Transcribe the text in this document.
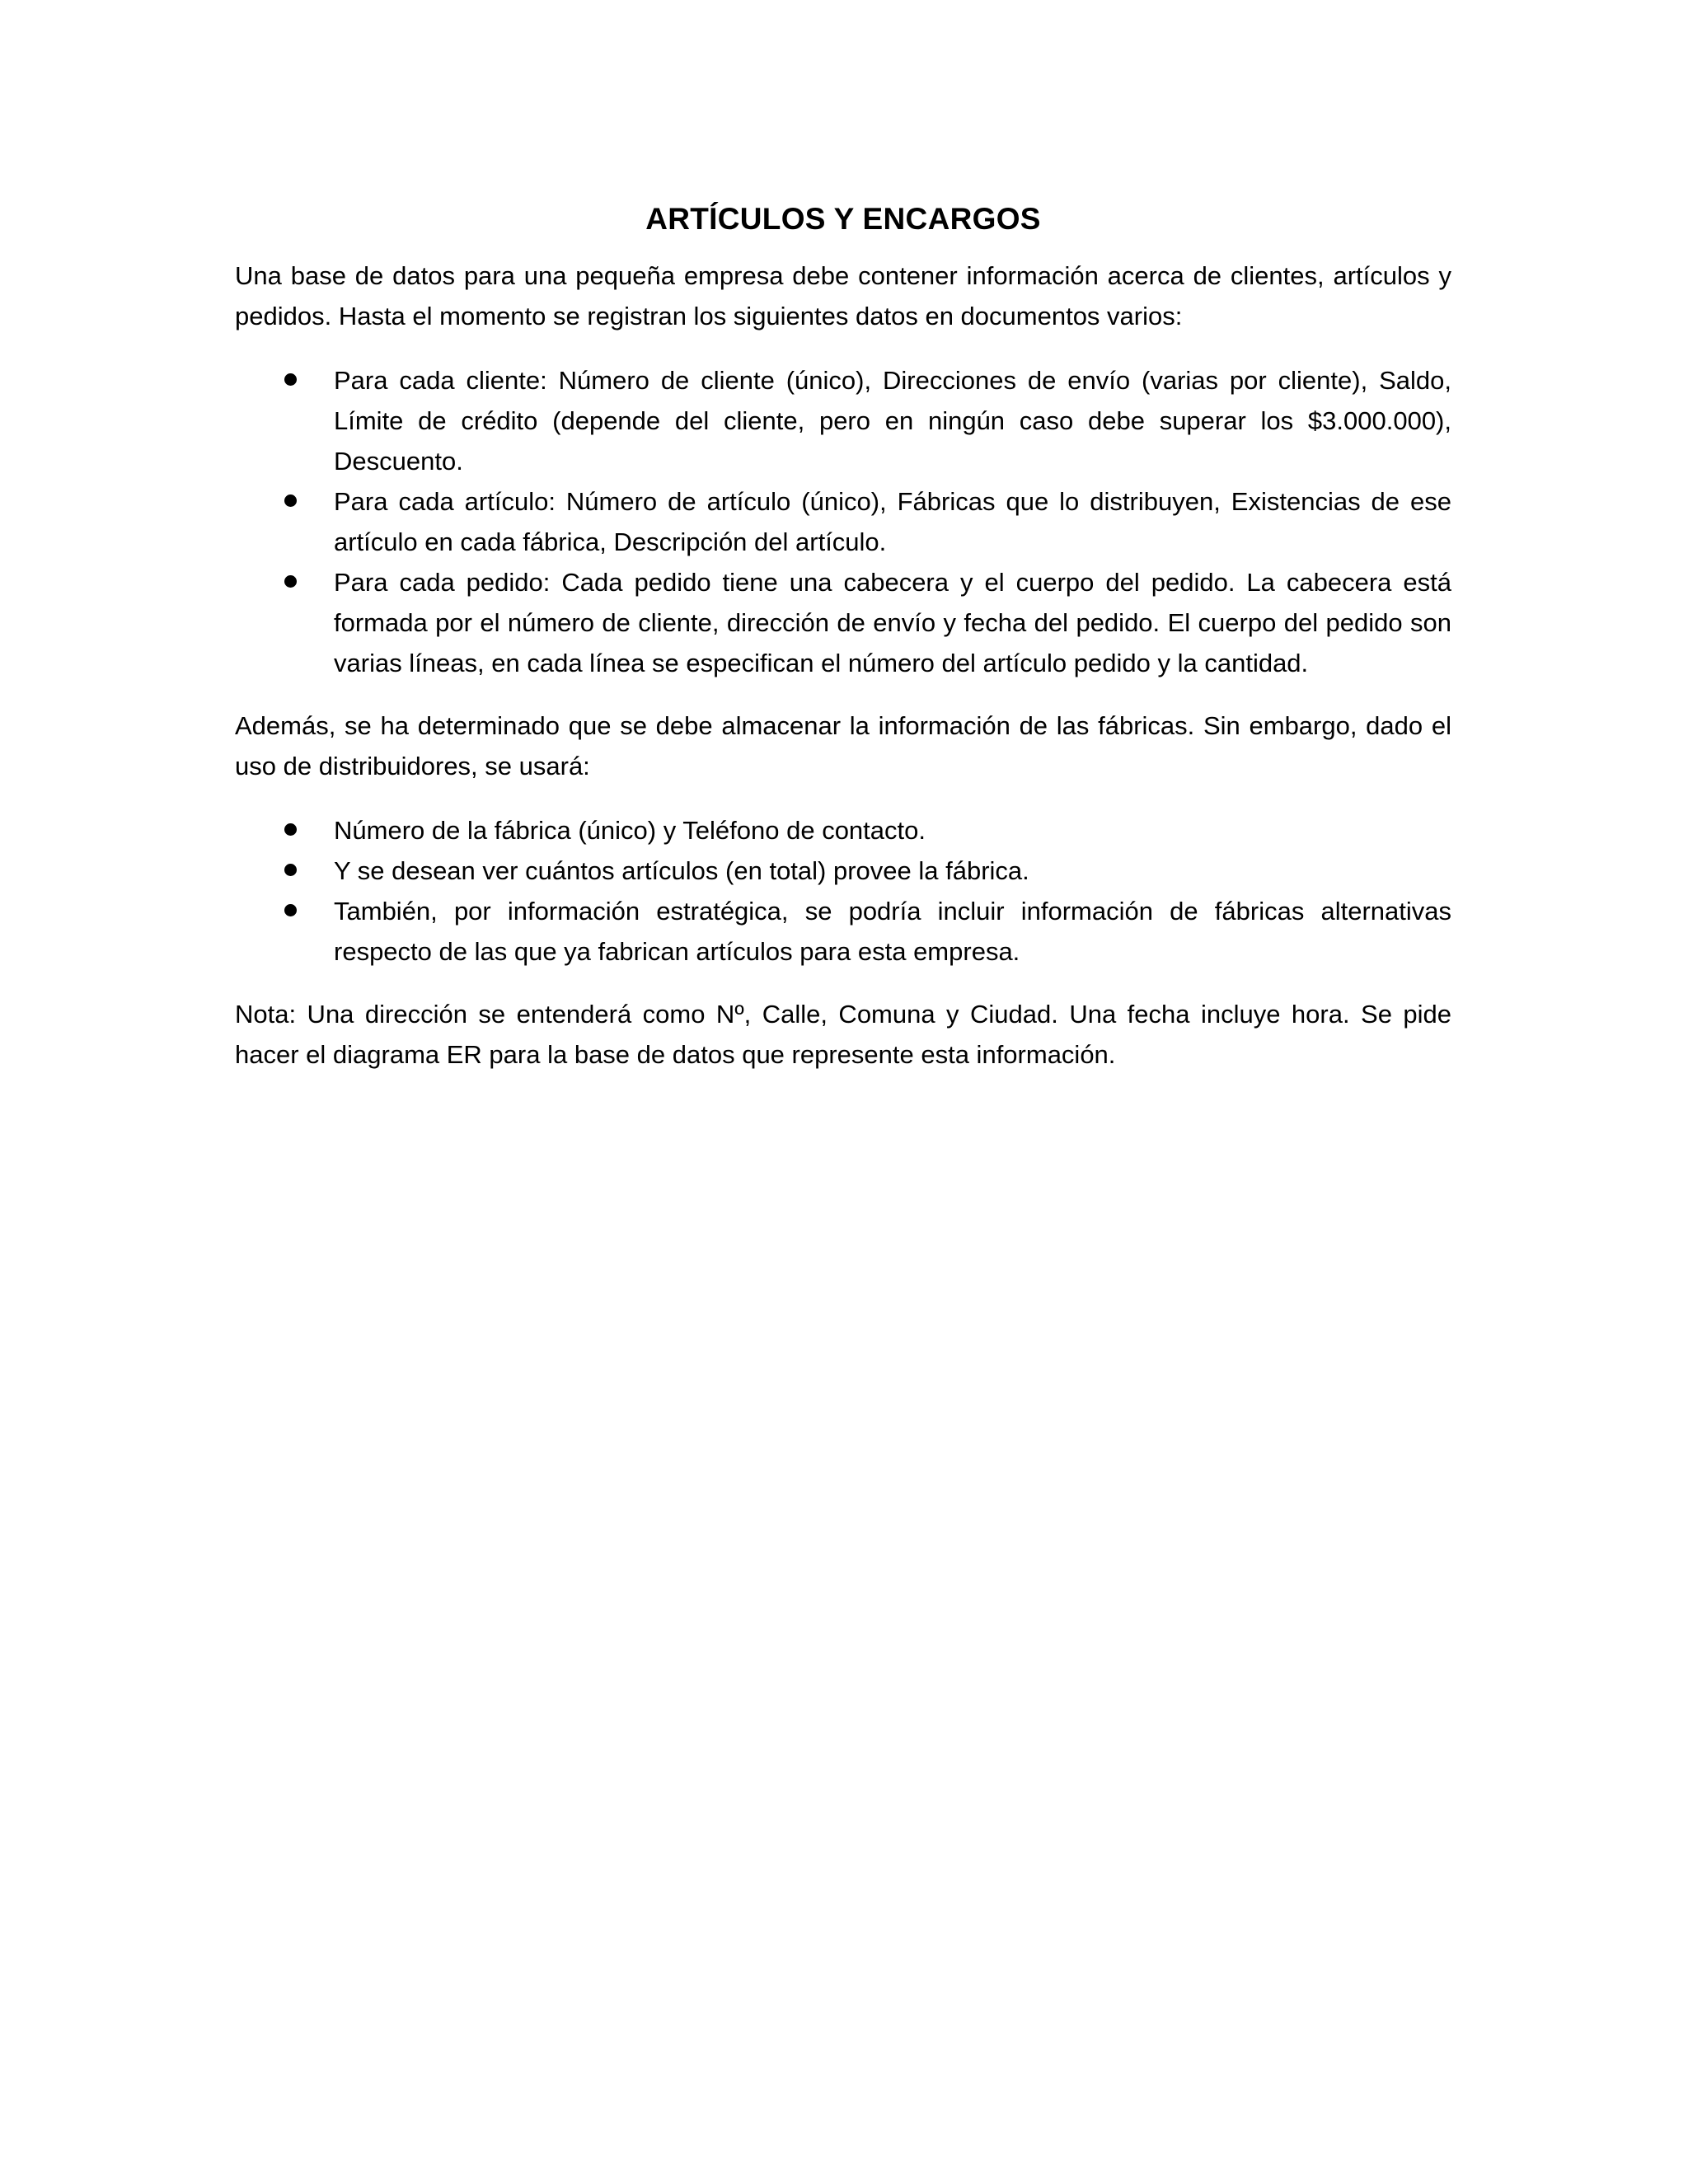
ARTÍCULOS Y ENCARGOS

Una base de datos para una pequeña empresa debe contener información acerca de clientes, artículos y pedidos. Hasta el momento se registran los siguientes datos en documentos varios:

Para cada cliente: Número de cliente (único), Direcciones de envío (varias por cliente), Saldo, Límite de crédito (depende del cliente, pero en ningún caso debe superar los $3.000.000), Descuento.
Para cada artículo: Número de artículo (único), Fábricas que lo distribuyen, Existencias de ese artículo en cada fábrica, Descripción del artículo.
Para cada pedido: Cada pedido tiene una cabecera y el cuerpo del pedido. La cabecera está formada por el número de cliente, dirección de envío y fecha del pedido. El cuerpo del pedido son varias líneas, en cada línea se especifican el número del artículo pedido y la cantidad.

Además, se ha determinado que se debe almacenar la información de las fábricas. Sin embargo, dado el uso de distribuidores, se usará:

Número de la fábrica (único) y Teléfono de contacto.
Y se desean ver cuántos artículos (en total) provee la fábrica.
También, por información estratégica, se podría incluir información de fábricas alternativas respecto de las que ya fabrican artículos para esta empresa.

Nota: Una dirección se entenderá como Nº, Calle, Comuna y Ciudad. Una fecha incluye hora. Se pide hacer el diagrama ER para la base de datos que represente esta información.
